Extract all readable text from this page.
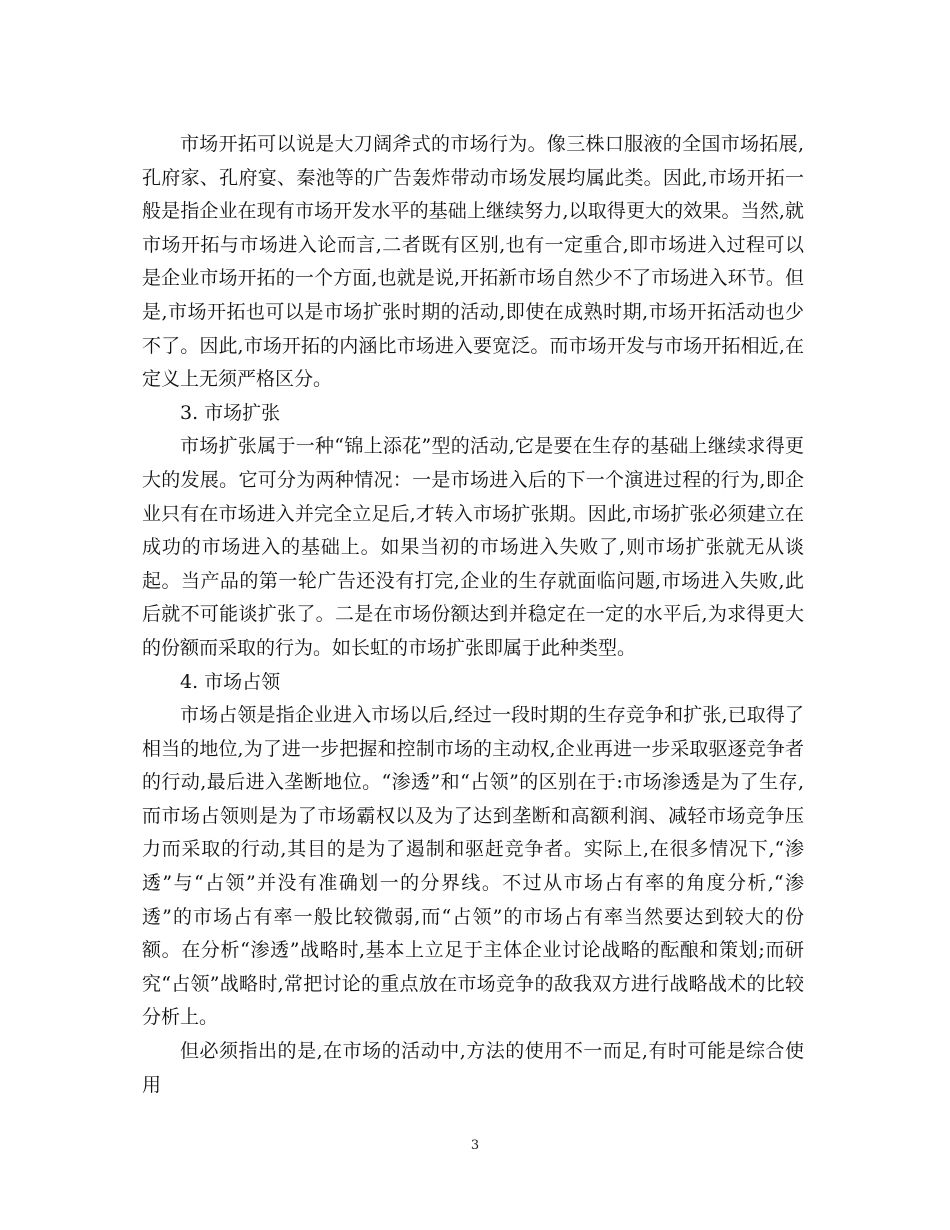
市场开拓可以说是大刀阔斧式的市场行为。像三株口服液的全国市场拓展,孔府家、孔府宴、秦池等的广告轰炸带动市场发展均属此类。因此,市场开拓一般是指企业在现有市场开发水平的基础上继续努力,以取得更大的效果。当然,就市场开拓与市场进入论而言,二者既有区别,也有一定重合,即市场进入过程可以是企业市场开拓的一个方面,也就是说,开拓新市场自然少不了市场进入环节。但是,市场开拓也可以是市场扩张时期的活动,即使在成熟时期,市场开拓活动也少不了。因此,市场开拓的内涵比市场进入要宽泛。而市场开发与市场开拓相近,在定义上无须严格区分。

3. 市场扩张

市场扩张属于一种“锦上添花”型的活动,它是要在生存的基础上继续求得更大的发展。它可分为两种情况：一是市场进入后的下一个演进过程的行为,即企业只有在市场进入并完全立足后,才转入市场扩张期。因此,市场扩张必须建立在成功的市场进入的基础上。如果当初的市场进入失败了,则市场扩张就无从谈起。当产品的第一轮广告还没有打完,企业的生存就面临问题,市场进入失败,此后就不可能谈扩张了。二是在市场份额达到并稳定在一定的水平后,为求得更大的份额而采取的行为。如长虹的市场扩张即属于此种类型。

4. 市场占领

市场占领是指企业进入市场以后,经过一段时期的生存竞争和扩张,已取得了相当的地位,为了进一步把握和控制市场的主动权,企业再进一步采取驱逐竞争者的行动,最后进入垄断地位。“渗透”和“占领”的区别在于:市场渗透是为了生存,而市场占领则是为了市场霸权以及为了达到垄断和高额利润、减轻市场竞争压力而采取的行动,其目的是为了遏制和驱赶竞争者。实际上,在很多情况下,“渗透”与“占领”并没有准确划一的分界线。不过从市场占有率的角度分析,“渗透”的市场占有率一般比较微弱,而“占领”的市场占有率当然要达到较大的份额。在分析“渗透”战略时,基本上立足于主体企业讨论战略的酝酿和策划;而研究“占领”战略时,常把讨论的重点放在市场竞争的敌我双方进行战略战术的比较分析上。

但必须指出的是,在市场的活动中,方法的使用不一而足,有时可能是综合使用

3
